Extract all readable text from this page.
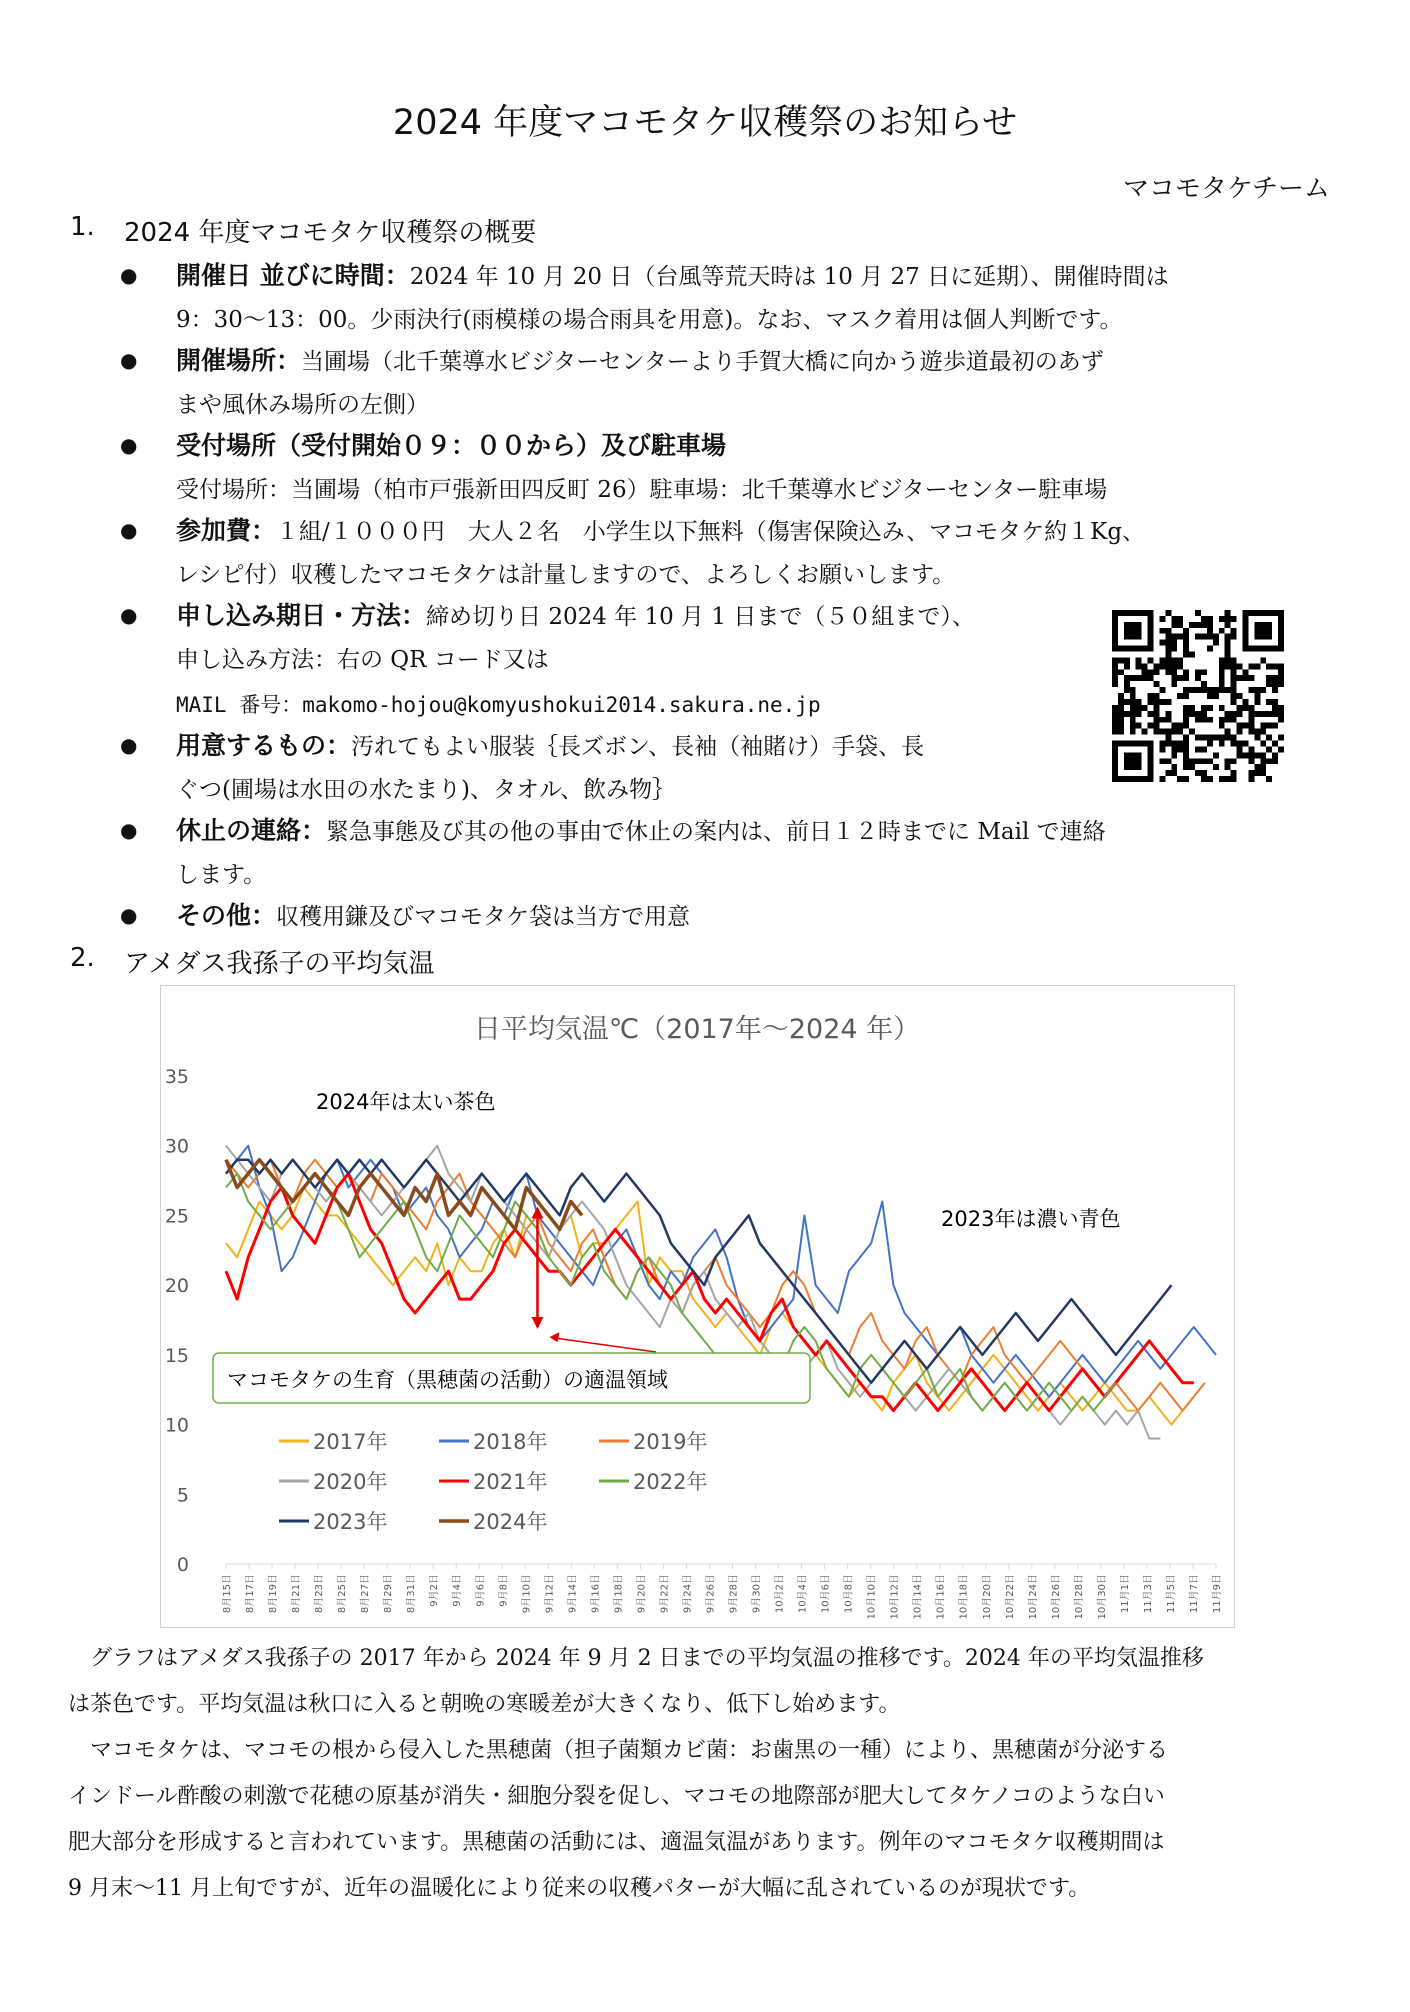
2024 年度マコモタケ収穫祭のお知らせ
マコモタケチーム
1. 2024 年度マコモタケ収穫祭の概要
● 開催日 並びに時間：2024 年 10 月 20 日（台風等荒天時は 10 月 27 日に延期）、開催時間は
9：30〜13：00。少雨決行(雨模様の場合雨具を用意)。なお、マスク着用は個人判断です。
● 開催場所：当圃場（北千葉導水ビジターセンターより手賀大橋に向かう遊歩道最初のあず
まや風休み場所の左側）
● 受付場所（受付開始０９：００から）及び駐車場
受付場所：当圃場（柏市戸張新田四反町 26）駐車場：北千葉導水ビジターセンター駐車場
● 参加費：１組/１０００円　大人２名　小学生以下無料（傷害保険込み、マコモタケ約１Kg、
レシピ付）収穫したマコモタケは計量しますので、よろしくお願いします。
● 申し込み期日・方法：締め切り日 2024 年 10 月 1 日まで（５０組まで）、
申し込み方法：右の QR コード又は
MAIL 番号：makomo-hojou@komyushokui2014.sakura.ne.jp
● 用意するもの：汚れてもよい服装｛長ズボン、長袖（袖賭け）手袋、長
ぐつ(圃場は水田の水たまり)、タオル、飲み物｝
● 休止の連絡：緊急事態及び其の他の事由で休止の案内は、前日１２時までに Mail で連絡
します。
● その他：収穫用鎌及びマコモタケ袋は当方で用意
2. アメダス我孫子の平均気温
日平均気温℃（2017年〜2024 年）
0
5
10
15
20
25
30
35
8月15日 8月17日 8月19日 8月21日 8月23日 8月25日 8月27日 8月29日 8月31日 9月2日 9月4日 9月6日 9月8日 9月10日 9月12日 9月14日 9月16日 9月18日 9月20日 9月22日 9月24日 9月26日 9月28日 9月30日 10月2日 10月4日 10月6日 10月8日 10月10日 10月12日 10月14日 10月16日 10月18日 10月20日 10月22日 10月24日 10月26日 10月28日 10月30日 11月1日 11月3日 11月5日 11月7日 11月9日
2024年は太い茶色
2023年は濃い青色
マコモタケの生育（黒穂菌の活動）の適温領域
2017年	2018年	2019年
2020年	2021年	2022年
2023年	2024年
グラフはアメダス我孫子の 2017 年から 2024 年 9 月 2 日までの平均気温の推移です。2024 年の平均気温推移
は茶色です。平均気温は秋口に入ると朝晩の寒暖差が大きくなり、低下し始めます。
マコモタケは、マコモの根から侵入した黒穂菌（担子菌類カビ菌：お歯黒の一種）により、黒穂菌が分泌する
インドール酢酸の刺激で花穂の原基が消失・細胞分裂を促し、マコモの地際部が肥大してタケノコのような白い
肥大部分を形成すると言われています。黒穂菌の活動には、適温気温があります。例年のマコモタケ収穫期間は
9 月末〜11 月上旬ですが、近年の温暖化により従来の収穫パターが大幅に乱されているのが現状です。
